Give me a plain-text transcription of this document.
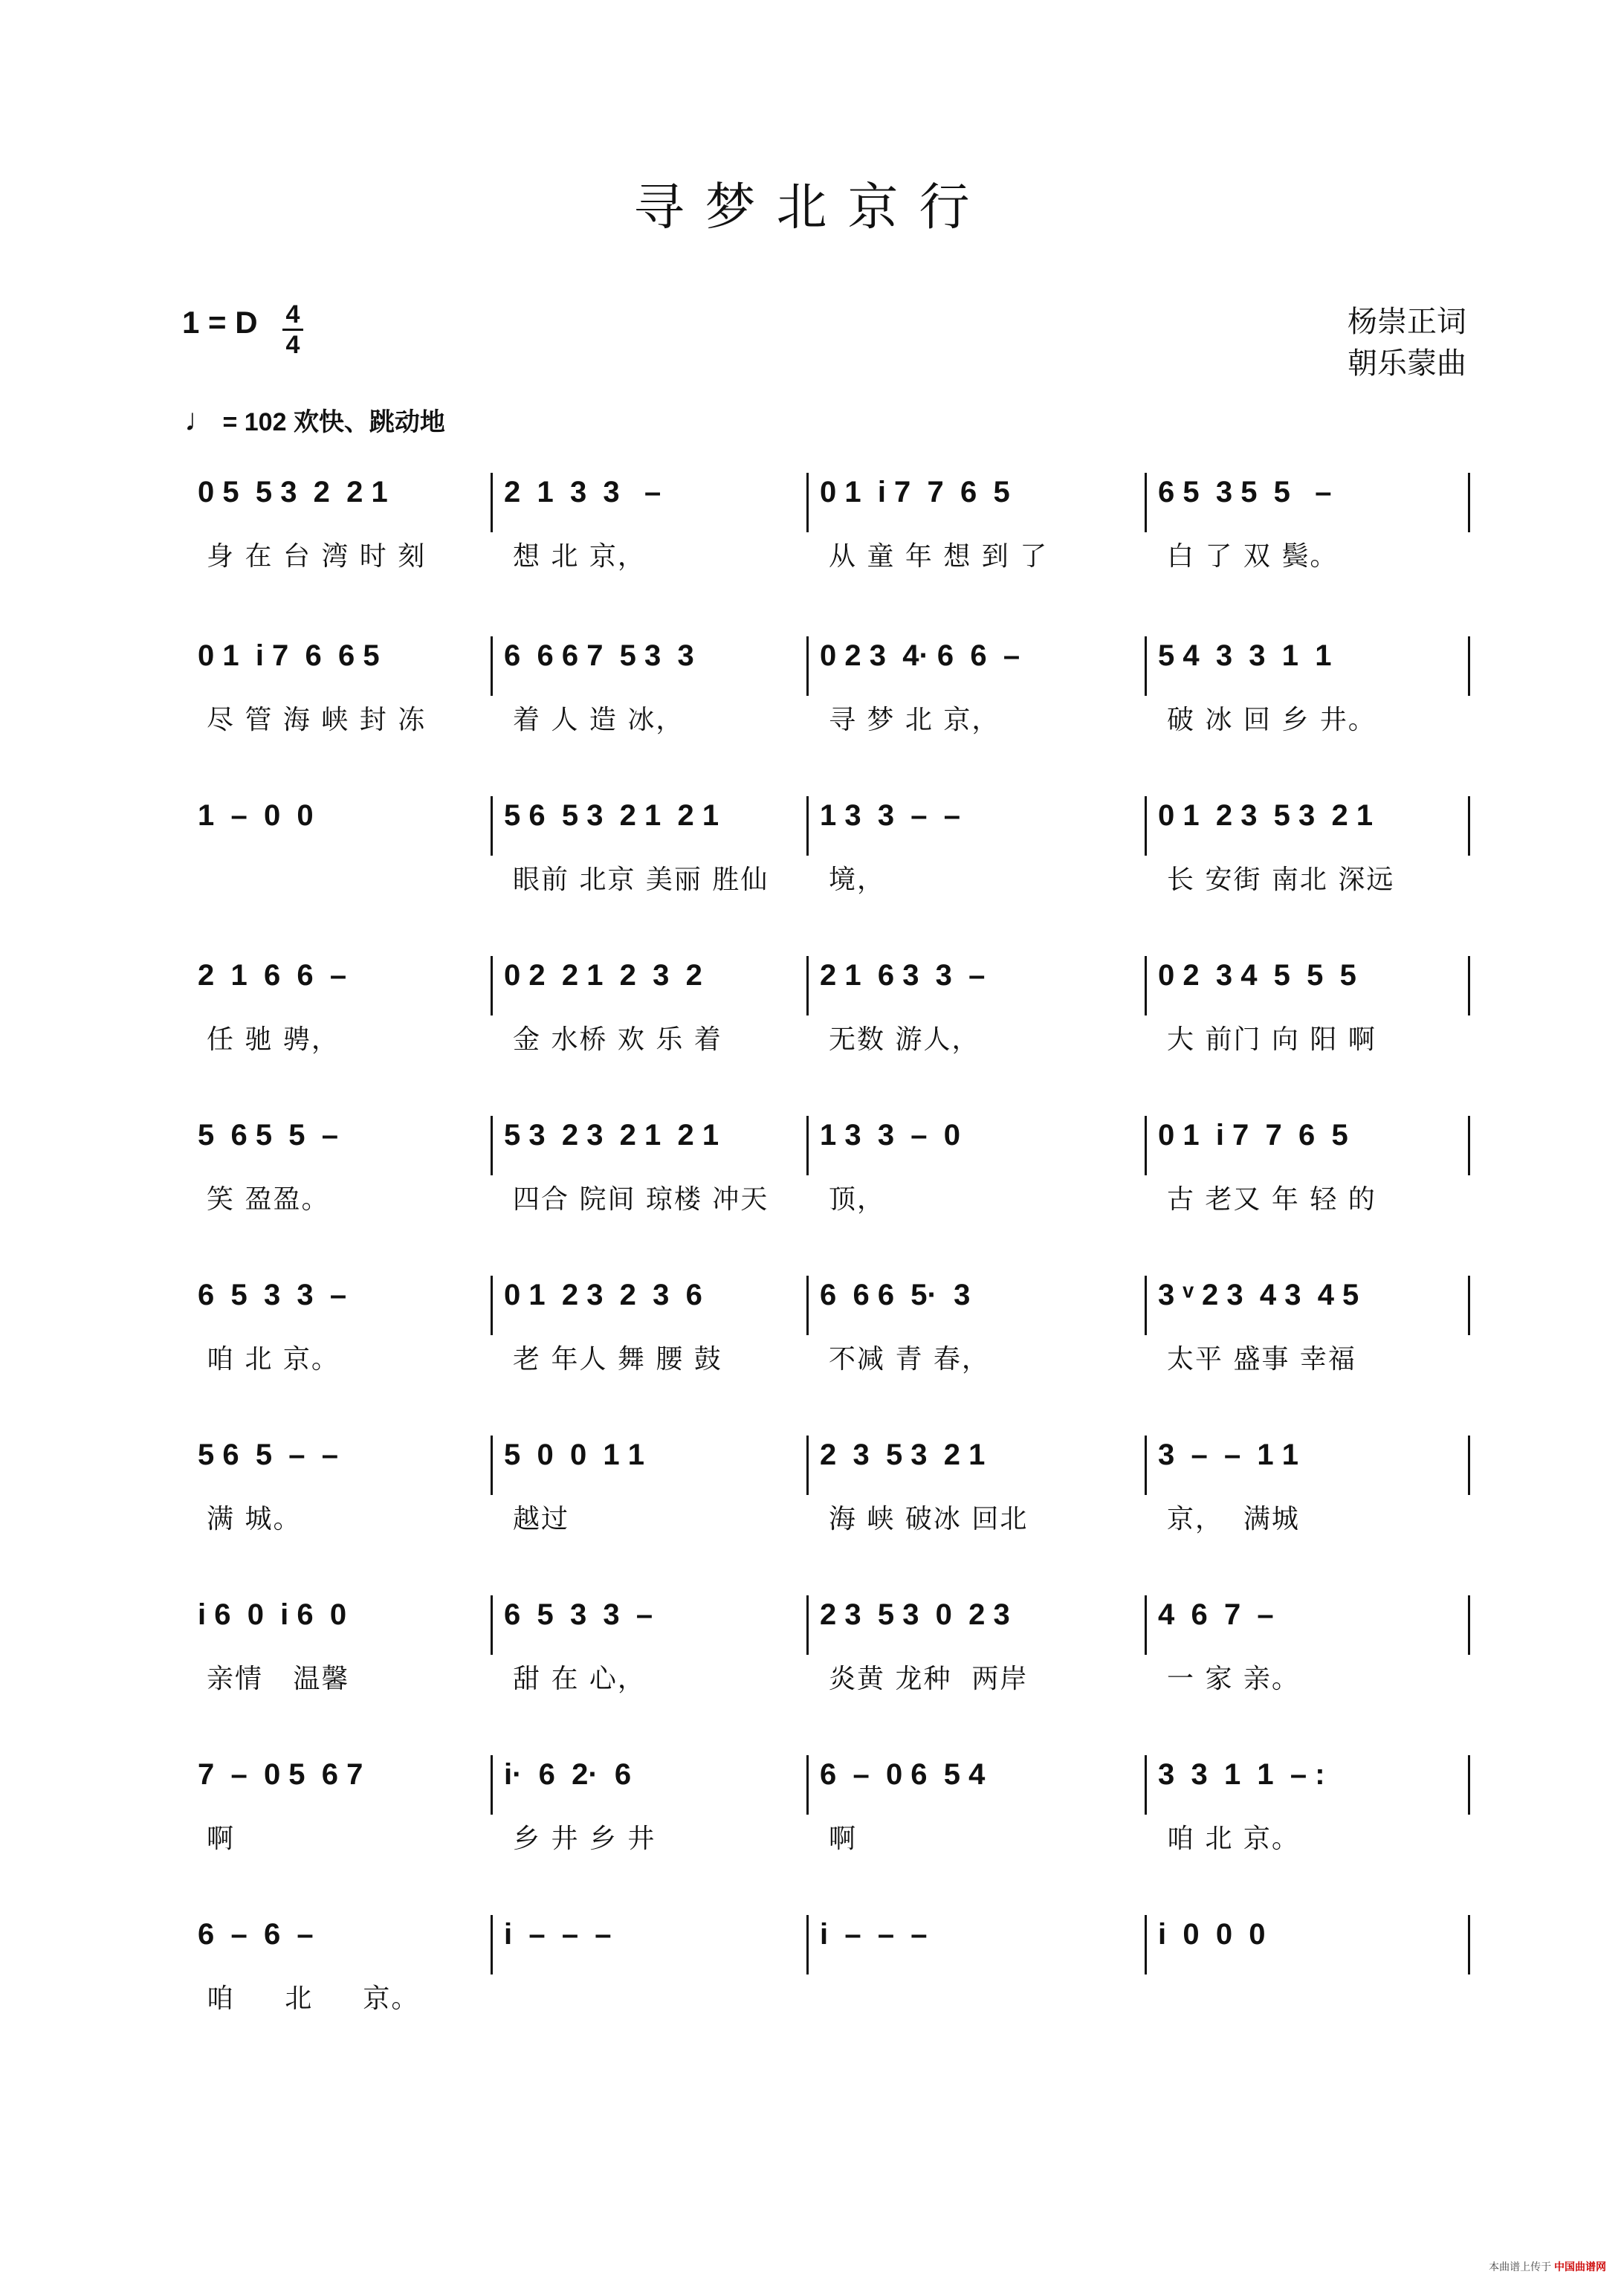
寻梦北京行
1 = D 4
4
杨崇正词
朝乐蒙曲
♩ = 102 欢快、跳动地
0 5  5 3  2  2 1
身 在 台 湾 时 刻
2  1  3  3   –
想 北 京，
0 1  i 7  7  6  5
从 童 年 想 到 了
6 5  3 5  5   –
白 了 双 鬓。
0 1  i 7  6  6 5
尽 管 海 峡 封 冻
6  6 6 7  5 3  3
着 人 造 冰，
0 2 3  4· 6  6  –
寻 梦 北 京，
5 4  3  3  1  1
破 冰 回 乡 井。
1  –  0  0	5 6  5 3  2 1  2 1
眼前 北京 美丽 胜仙
1 3  3  –  –
境，
0 1  2 3  5 3  2 1
长 安街 南北 深远
2  1  6  6  –
任 驰 骋，
0 2  2 1  2  3  2
金 水桥 欢 乐 着
2 1  6 3  3  –
无数 游人，
0 2  3 4  5  5  5
大 前门 向 阳 啊
5  6 5  5  –
笑 盈盈。
5 3  2 3  2 1  2 1
四合 院间 琼楼 冲天
1 3  3  –  0
顶，
0 1  i 7  7  6  5
古 老又 年 轻 的
6  5  3  3  –
咱 北 京。
0 1  2 3  2  3  6
老 年人 舞 腰 鼓
6  6 6  5·  3
不减 青 春，
3 ᵛ 2 3  4 3  4 5
太平 盛事 幸福
5 6  5  –  –
满 城。
5  0  0  1 1
越过
2  3  5 3  2 1
海 峡 破冰 回北
3  –  –  1 1
京，  满城
i 6  0  i 6  0
亲情   温馨
6  5  3  3  –
甜 在 心，
2 3  5 3  0  2 3
炎黄 龙种  两岸
4  6  7  –
一 家 亲。
7  –  0 5  6 7
啊
i·  6  2·  6
乡 井 乡 井
6  –  0 6  5 4
啊
3  3  1  1  – :
咱 北 京。
6  –  6  –
咱     北     京。
i  –  –  –	i  –  –  –	i  0  0  0
本曲谱上传于 中国曲谱网
